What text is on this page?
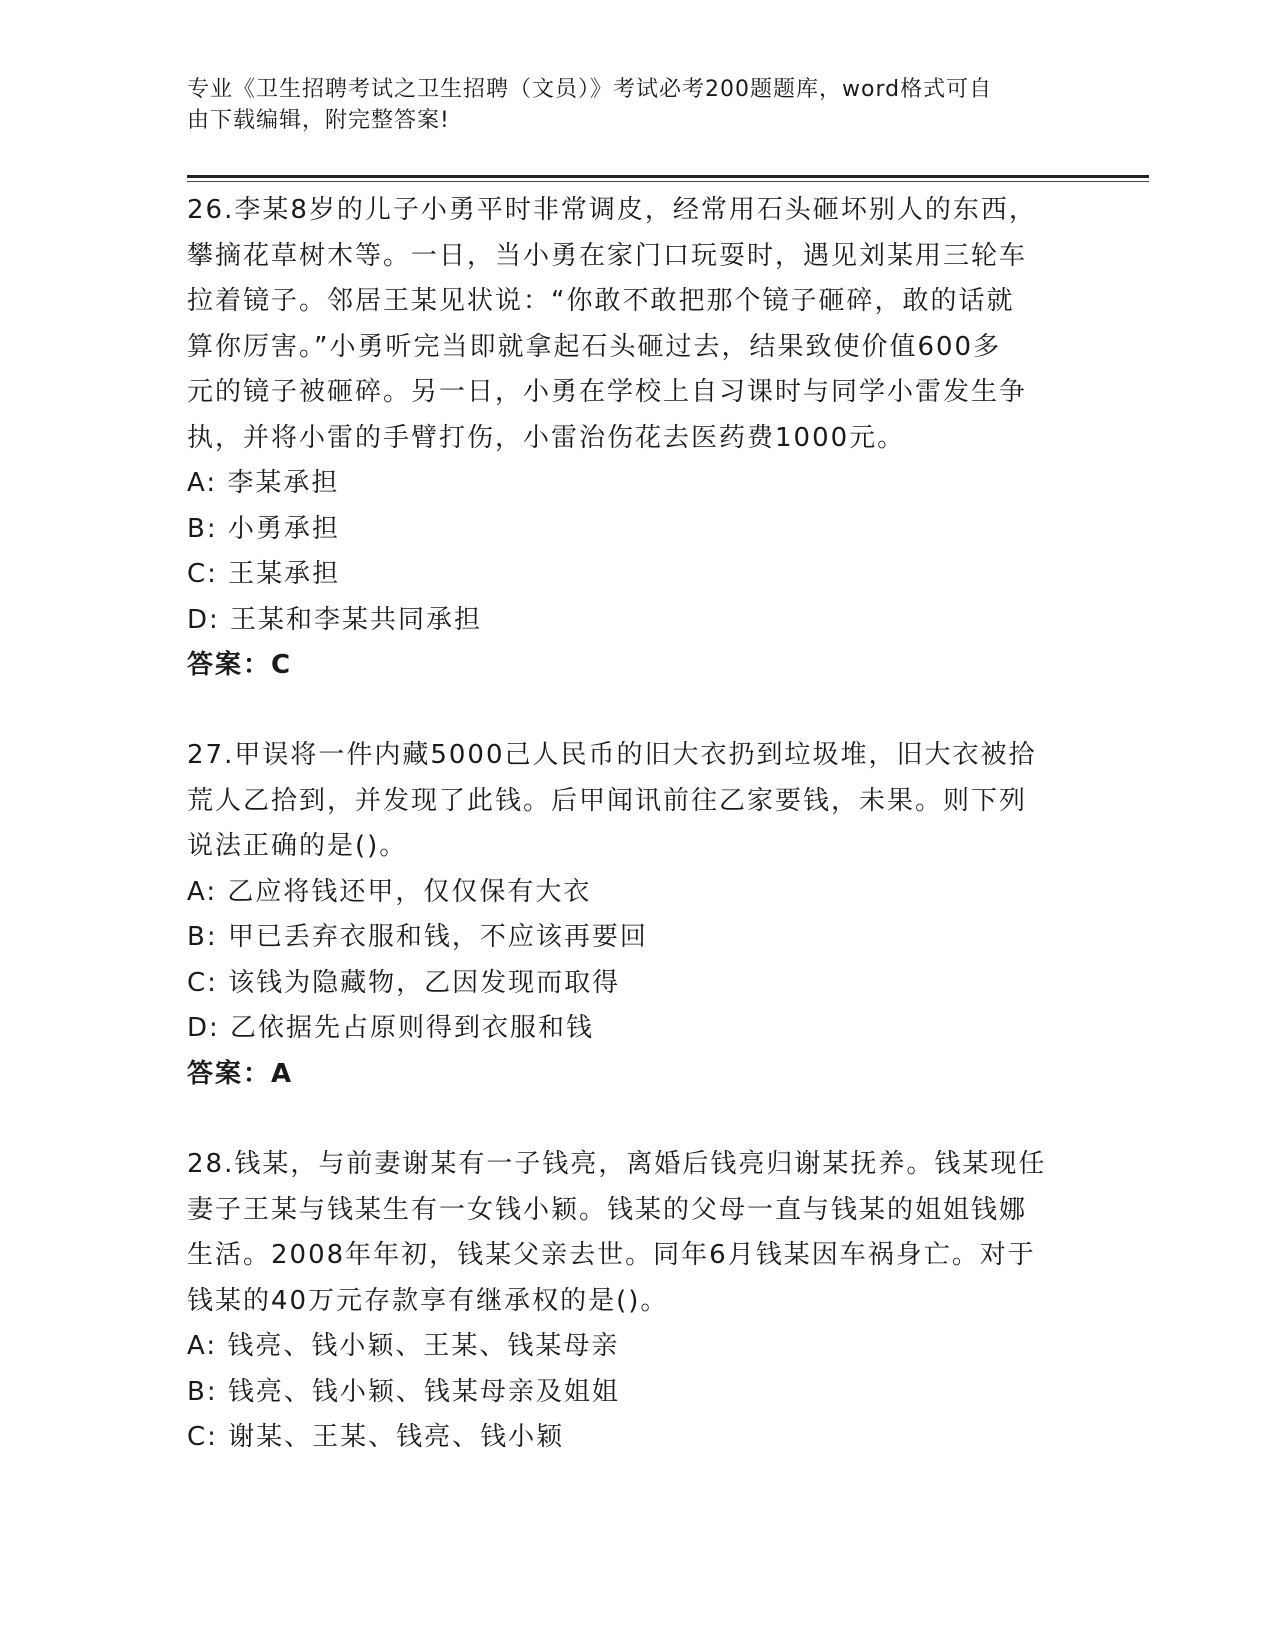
专业《卫生招聘考试之卫生招聘（文员）》考试必考200题题库，word格式可自
由下载编辑，附完整答案!

26.李某8岁的儿子小勇平时非常调皮，经常用石头砸坏别人的东西，

攀摘花草树木等。一日，当小勇在家门口玩耍时，遇见刘某用三轮车

拉着镜子。邻居王某见状说：“你敢不敢把那个镜子砸碎，敢的话就

算你厉害。”小勇听完当即就拿起石头砸过去，结果致使价值600多

元的镜子被砸碎。另一日，小勇在学校上自习课时与同学小雷发生争

执，并将小雷的手臂打伤，小雷治伤花去医药费1000元。

A: 李某承担

B: 小勇承担

C: 王某承担

D: 王某和李某共同承担

答案：C

27.甲误将一件内藏5000己人民币的旧大衣扔到垃圾堆，旧大衣被拾

荒人乙拾到，并发现了此钱。后甲闻讯前往乙家要钱，未果。则下列

说法正确的是()。

A: 乙应将钱还甲，仅仅保有大衣

B: 甲已丢弃衣服和钱，不应该再要回

C: 该钱为隐藏物，乙因发现而取得

D: 乙依据先占原则得到衣服和钱

答案：A

28.钱某，与前妻谢某有一子钱亮，离婚后钱亮归谢某抚养。钱某现任

妻子王某与钱某生有一女钱小颖。钱某的父母一直与钱某的姐姐钱娜

生活。2008年年初，钱某父亲去世。同年6月钱某因车祸身亡。对于

钱某的40万元存款享有继承权的是()。

A: 钱亮、钱小颖、王某、钱某母亲

B: 钱亮、钱小颖、钱某母亲及姐姐

C: 谢某、王某、钱亮、钱小颖
